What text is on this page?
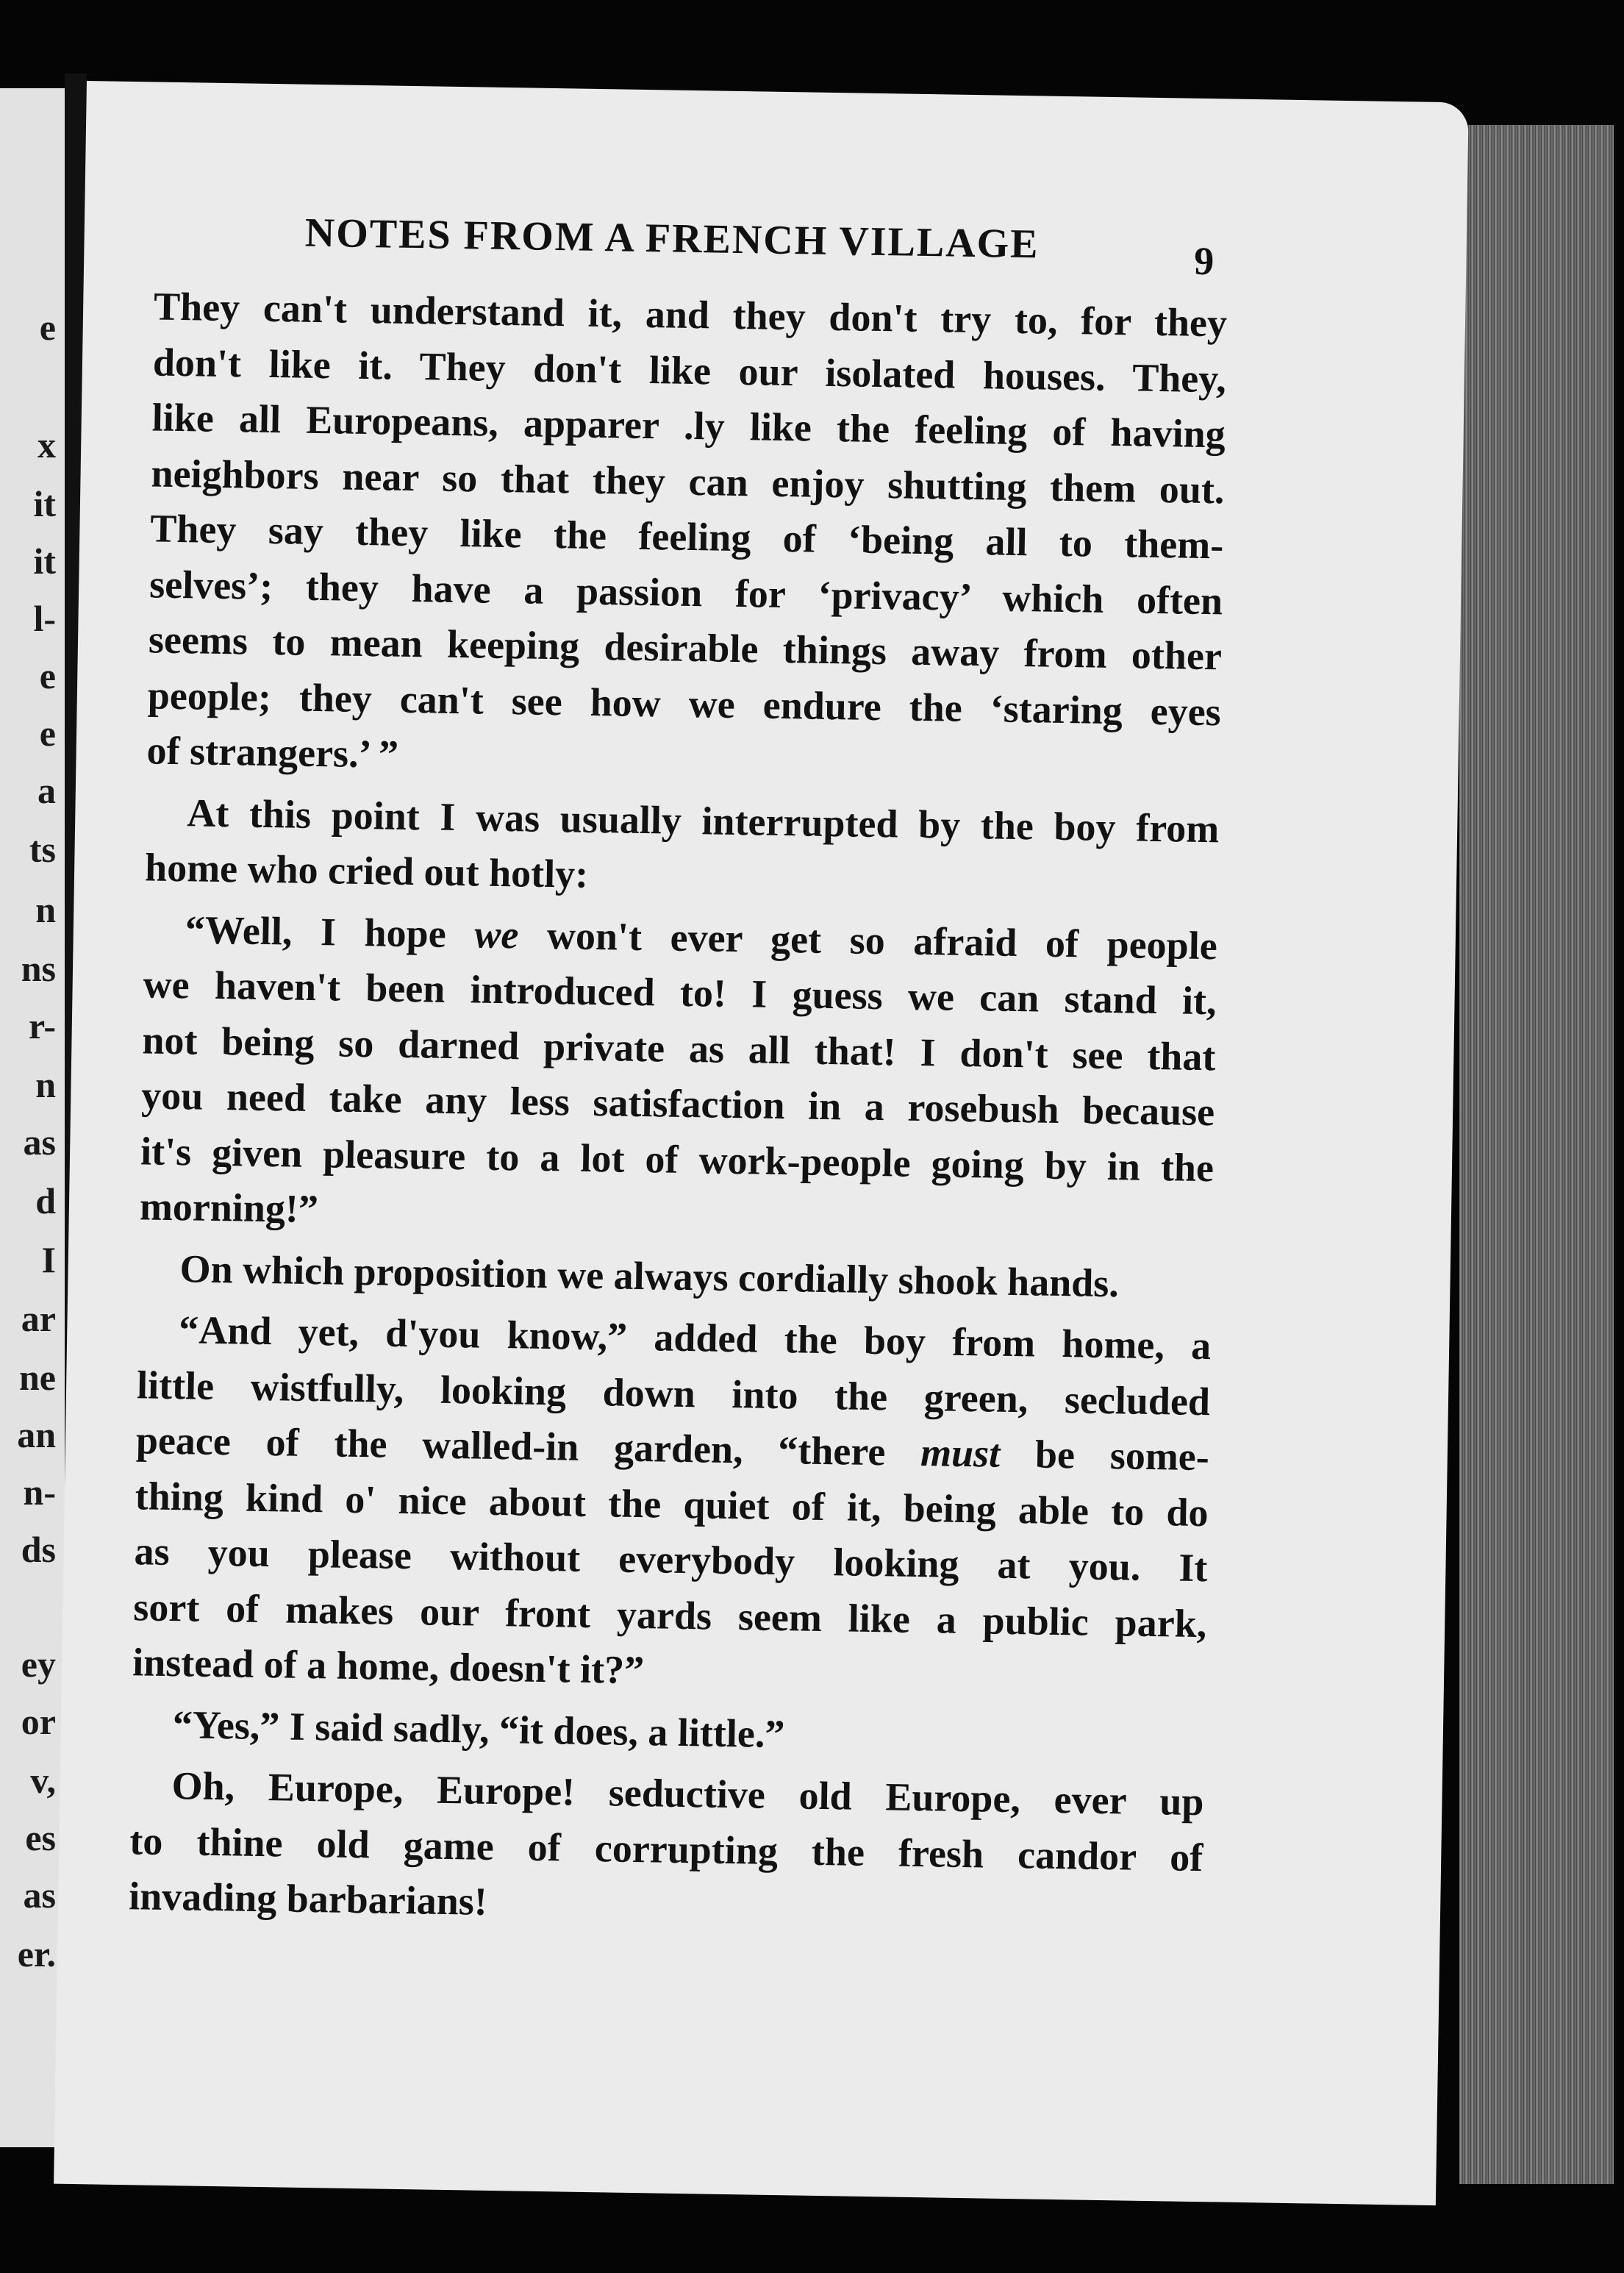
e
x
it
it
l-
e
e
a
ts
n
ns
r-
n
as
d
I
ar
ne
an
n-
ds
ey
or
v,
es
as
er.
NOTES FROM A FRENCH VILLAGE	9
They can't understand it, and they don't try to, for they
don't like it. They don't like our isolated houses. They,
like all Europeans, apparer .ly like the feeling of having
neighbors near so that they can enjoy shutting them out.
They say they like the feeling of ‘being all to them-
selves’; they have a passion for ‘privacy’ which often
seems to mean keeping desirable things away from other
people; they can't see how we endure the ‘staring eyes
of strangers.’ ”
At this point I was usually interrupted by the boy from
home who cried out hotly:
“Well, I hope we won't ever get so afraid of people
we haven't been introduced to! I guess we can stand it,
not being so darned private as all that! I don't see that
you need take any less satisfaction in a rosebush because
it's given pleasure to a lot of work-people going by in the
morning!”
On which proposition we always cordially shook hands.
“And yet, d'you know,” added the boy from home, a
little wistfully, looking down into the green, secluded
peace of the walled-in garden, “there must be some-
thing kind o' nice about the quiet of it, being able to do
as you please without everybody looking at you. It
sort of makes our front yards seem like a public park,
instead of a home, doesn't it?”
“Yes,” I said sadly, “it does, a little.”
Oh, Europe, Europe! seductive old Europe, ever up
to thine old game of corrupting the fresh candor of
invading barbarians!
